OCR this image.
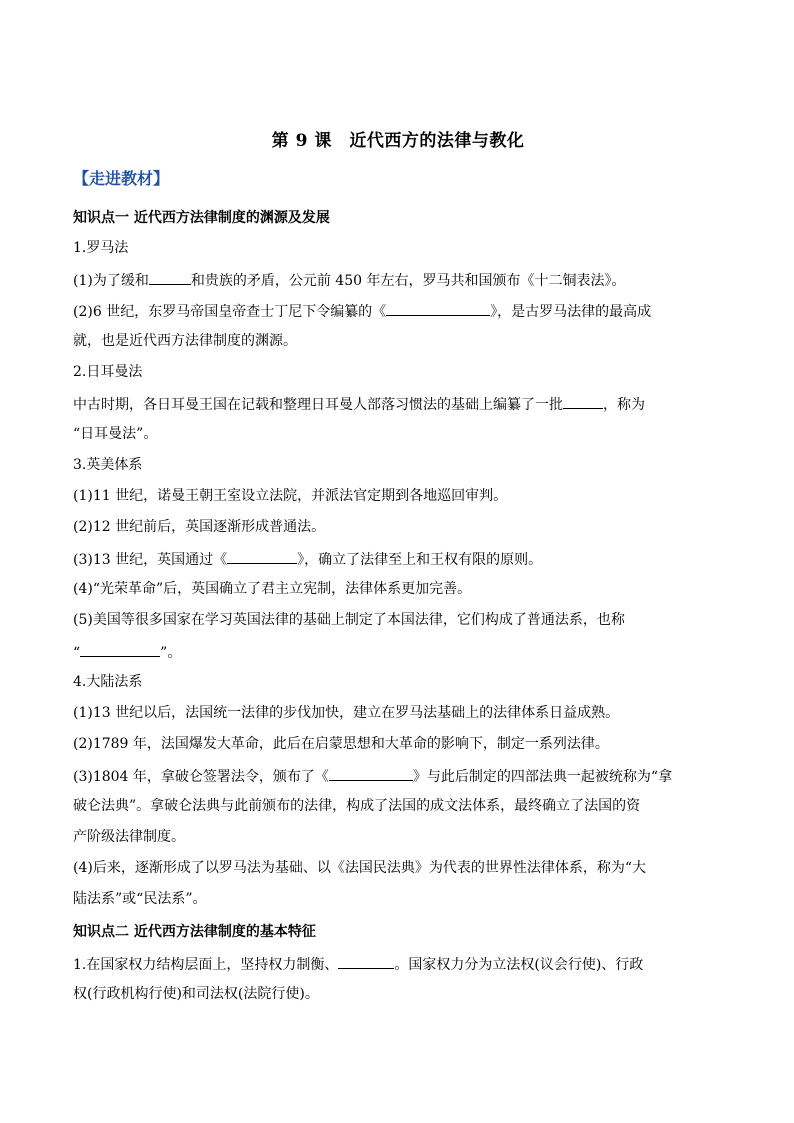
第 9 课　近代西方的法律与教化
【走进教材】
知识点一 近代西方法律制度的渊源及发展
1.罗马法
(1)为了缓和	和贵族的矛盾，公元前 450 年左右，罗马共和国颁布《十二铜表法》。
(2)6 世纪，东罗马帝国皇帝查士丁尼下令编纂的《	》，是古罗马法律的最高成
就，也是近代西方法律制度的渊源。
2.日耳曼法
中古时期，各日耳曼王国在记载和整理日耳曼人部落习惯法的基础上编纂了一批	，称为
“日耳曼法”。
3.英美体系
(1)11 世纪，诺曼王朝王室设立法院，并派法官定期到各地巡回审判。
(2)12 世纪前后，英国逐渐形成普通法。
(3)13 世纪，英国通过《	》，确立了法律至上和王权有限的原则。
(4)“光荣革命”后，英国确立了君主立宪制，法律体系更加完善。
(5)美国等很多国家在学习英国法律的基础上制定了本国法律，它们构成了普通法系，也称
“	”。
4.大陆法系
(1)13 世纪以后，法国统一法律的步伐加快，建立在罗马法基础上的法律体系日益成熟。
(2)1789 年，法国爆发大革命，此后在启蒙思想和大革命的影响下，制定一系列法律。
(3)1804 年，拿破仑签署法令，颁布了《	》与此后制定的四部法典一起被统称为“拿
破仑法典”。拿破仑法典与此前颁布的法律，构成了法国的成文法体系，最终确立了法国的资
产阶级法律制度。
(4)后来，逐渐形成了以罗马法为基础、以《法国民法典》为代表的世界性法律体系，称为“大
陆法系”或“民法系”。
知识点二 近代西方法律制度的基本特征
1.在国家权力结构层面上，坚持权力制衡、	。国家权力分为立法权(议会行使)、行政
权(行政机构行使)和司法权(法院行使)。
